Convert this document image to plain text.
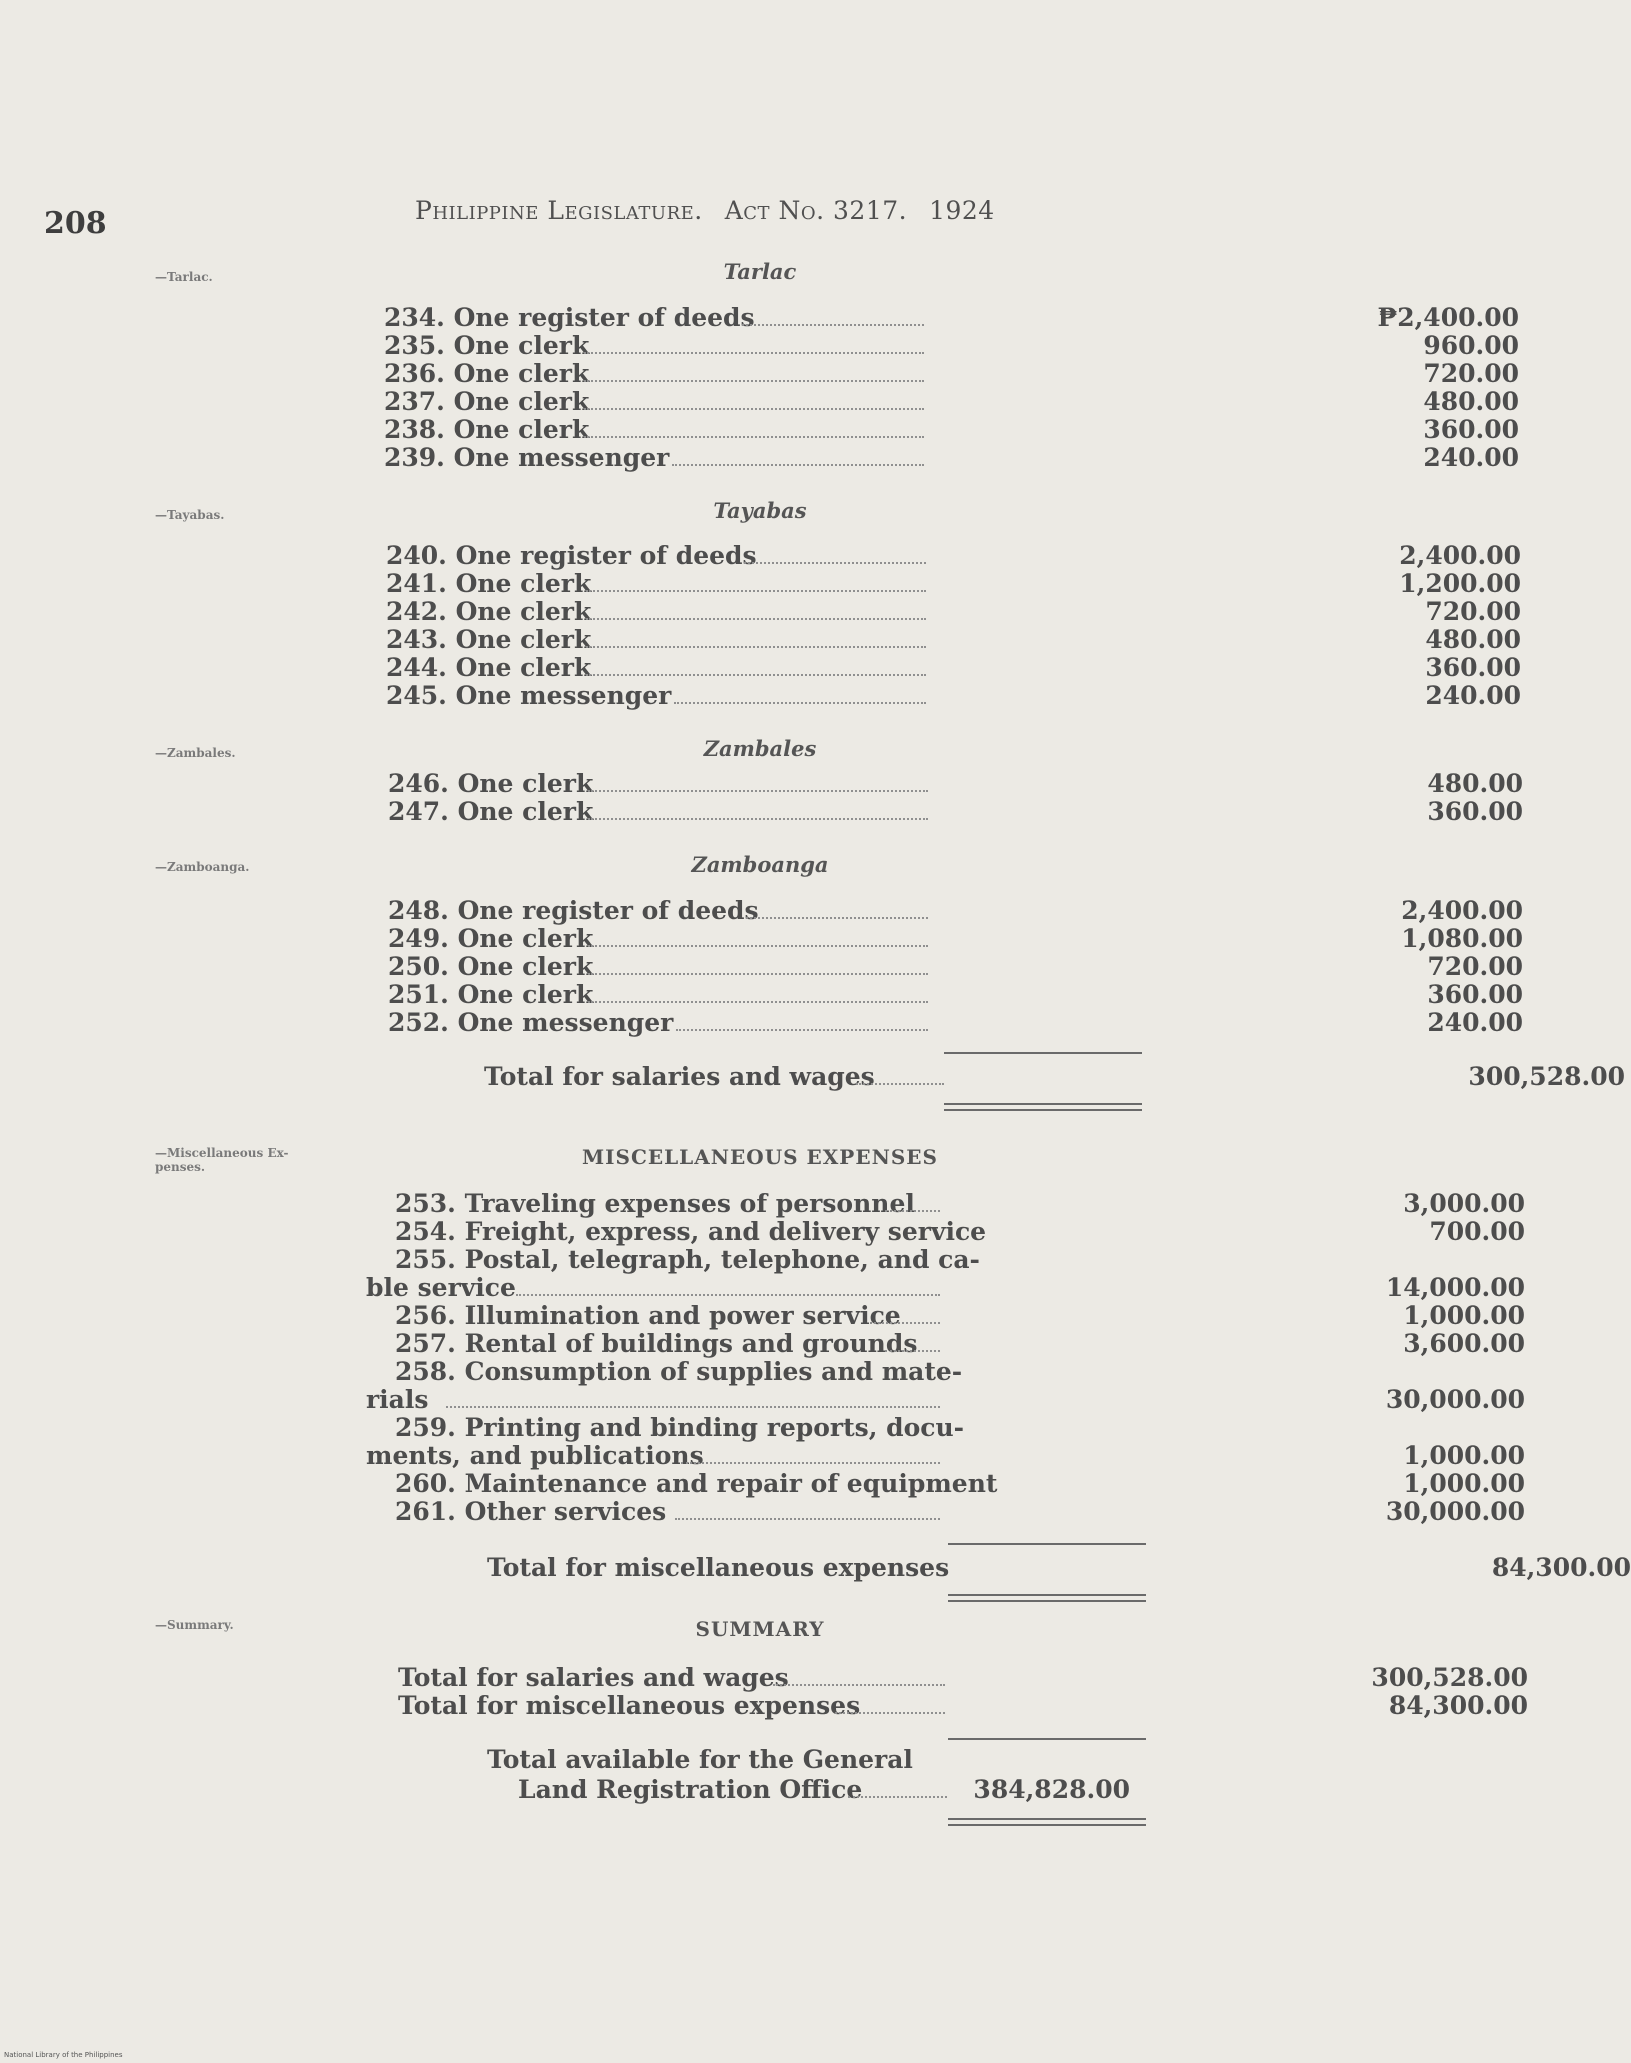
208	Philippine Legislature. Act No. 3217. 1924
—Tarlac.	Tarlac
234. One register of deeds	₱2,400.00
235. One clerk	960.00
236. One clerk	720.00
237. One clerk	480.00
238. One clerk	360.00
239. One messenger	240.00
—Tayabas.	Tayabas
240. One register of deeds	2,400.00
241. One clerk	1,200.00
242. One clerk	720.00
243. One clerk	480.00
244. One clerk	360.00
245. One messenger	240.00
—Zambales.	Zambales
246. One clerk	480.00
247. One clerk	360.00
—Zamboanga.	Zamboanga
248. One register of deeds	2,400.00
249. One clerk	1,080.00
250. One clerk	720.00
251. One clerk	360.00
252. One messenger	240.00
Total for salaries and wages	300,528.00
—Miscellaneous Ex-
penses.	MISCELLANEOUS EXPENSES
253. Traveling expenses of personnel	3,000.00
254. Freight, express, and delivery service	700.00
255. Postal, telegraph, telephone, and ca-
ble service	14,000.00
256. Illumination and power service	1,000.00
257. Rental of buildings and grounds	3,600.00
258. Consumption of supplies and mate-
rials	30,000.00
259. Printing and binding reports, docu-
ments, and publications	1,000.00
260. Maintenance and repair of equipment	1,000.00
261. Other services	30,000.00
Total for miscellaneous expenses	84,300.00
—Summary.	SUMMARY
Total for salaries and wages	300,528.00
Total for miscellaneous expenses	84,300.00
Total available for the General
Land Registration Office	384,828.00
National Library of the Philippines
